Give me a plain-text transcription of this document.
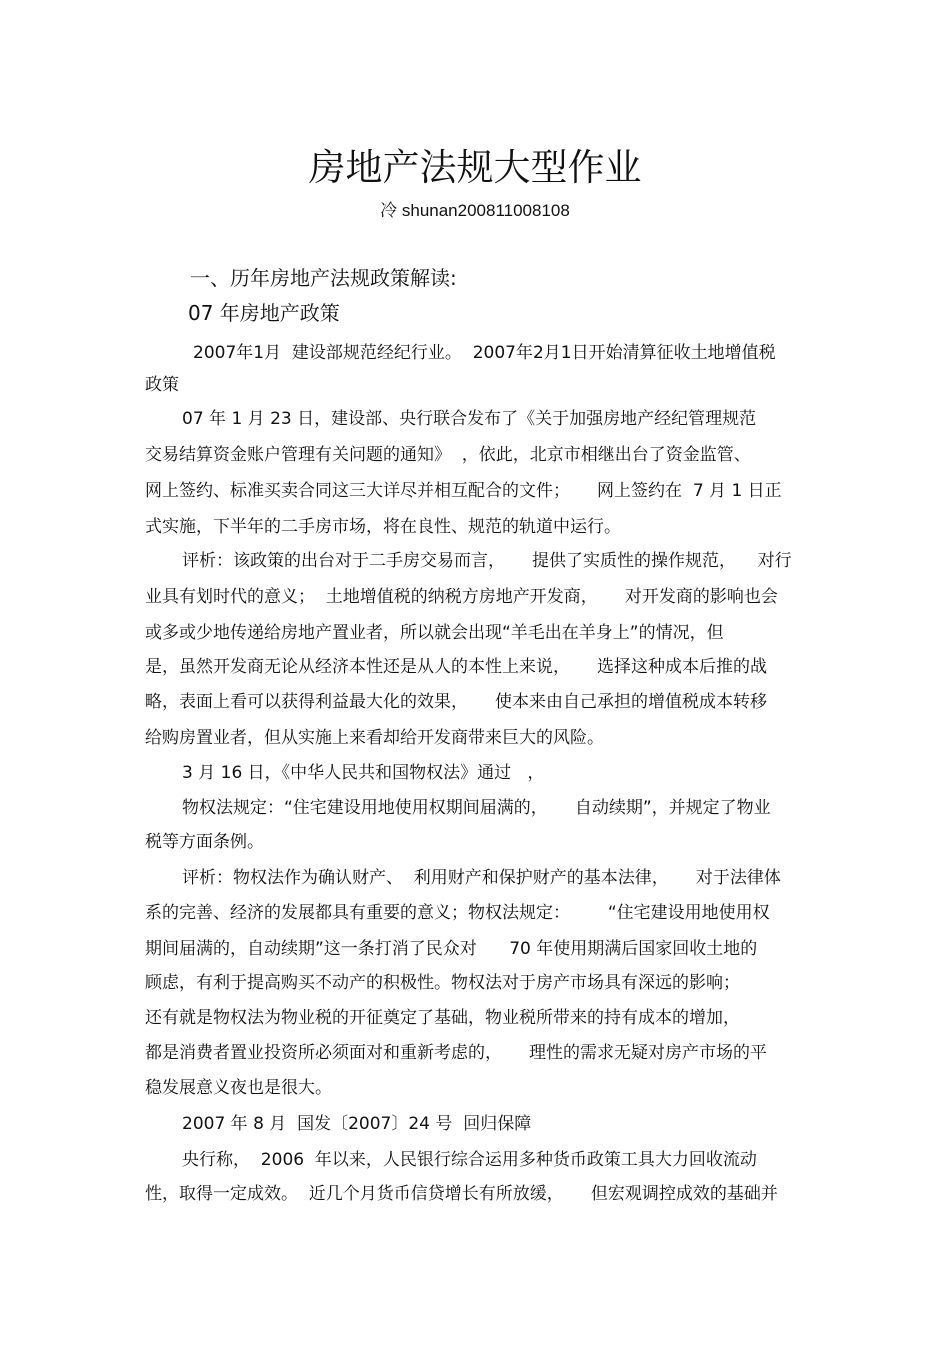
房地产法规大型作业
冷 shunan200811008108
一、历年房地产法规政策解读:
07 年房地产政策
2007年1月  建设部规范经纪行业。  2007年2月1日开始清算征收土地增值税
政策
07 年 1 月 23 日，建设部、央行联合发布了《关于加强房地产经纪管理规范
交易结算资金账户管理有关问题的通知》  ，依此，北京市相继出台了资金监管、
网上签约、标准买卖合同这三大详尽并相互配合的文件；     网上签约在  7 月 1 日正
式实施，下半年的二手房市场，将在良性、规范的轨道中运行。
评析：该政策的出台对于二手房交易而言，     提供了实质性的操作规范，    对行
业具有划时代的意义；  土地增值税的纳税方房地产开发商，     对开发商的影响也会
或多或少地传递给房地产置业者，所以就会出现“羊毛出在羊身上”的情况，但
是，虽然开发商无论从经济本性还是从人的本性上来说，     选择这种成本后推的战
略，表面上看可以获得利益最大化的效果，     使本来由自己承担的增值税成本转移
给购房置业者，但从实施上来看却给开发商带来巨大的风险。
3 月 16 日，《中华人民共和国物权法》通过   ，
物权法规定：“住宅建设用地使用权期间届满的，     自动续期”，并规定了物业
税等方面条例。
评析：物权法作为确认财产、  利用财产和保护财产的基本法律，     对于法律体
系的完善、经济的发展都具有重要的意义；物权法规定：       “住宅建设用地使用权
期间届满的，自动续期”这一条打消了民众对      70 年使用期满后国家回收土地的
顾虑，有利于提高购买不动产的积极性。物权法对于房产市场具有深远的影响；
还有就是物权法为物业税的开征奠定了基础，物业税所带来的持有成本的增加，
都是消费者置业投资所必须面对和重新考虑的，     理性的需求无疑对房产市场的平
稳发展意义夜也是很大。
2007 年 8 月  国发〔2007〕24 号  回归保障
央行称，  2006  年以来，人民银行综合运用多种货币政策工具大力回收流动
性，取得一定成效。  近几个月货币信贷增长有所放缓，     但宏观调控成效的基础并
